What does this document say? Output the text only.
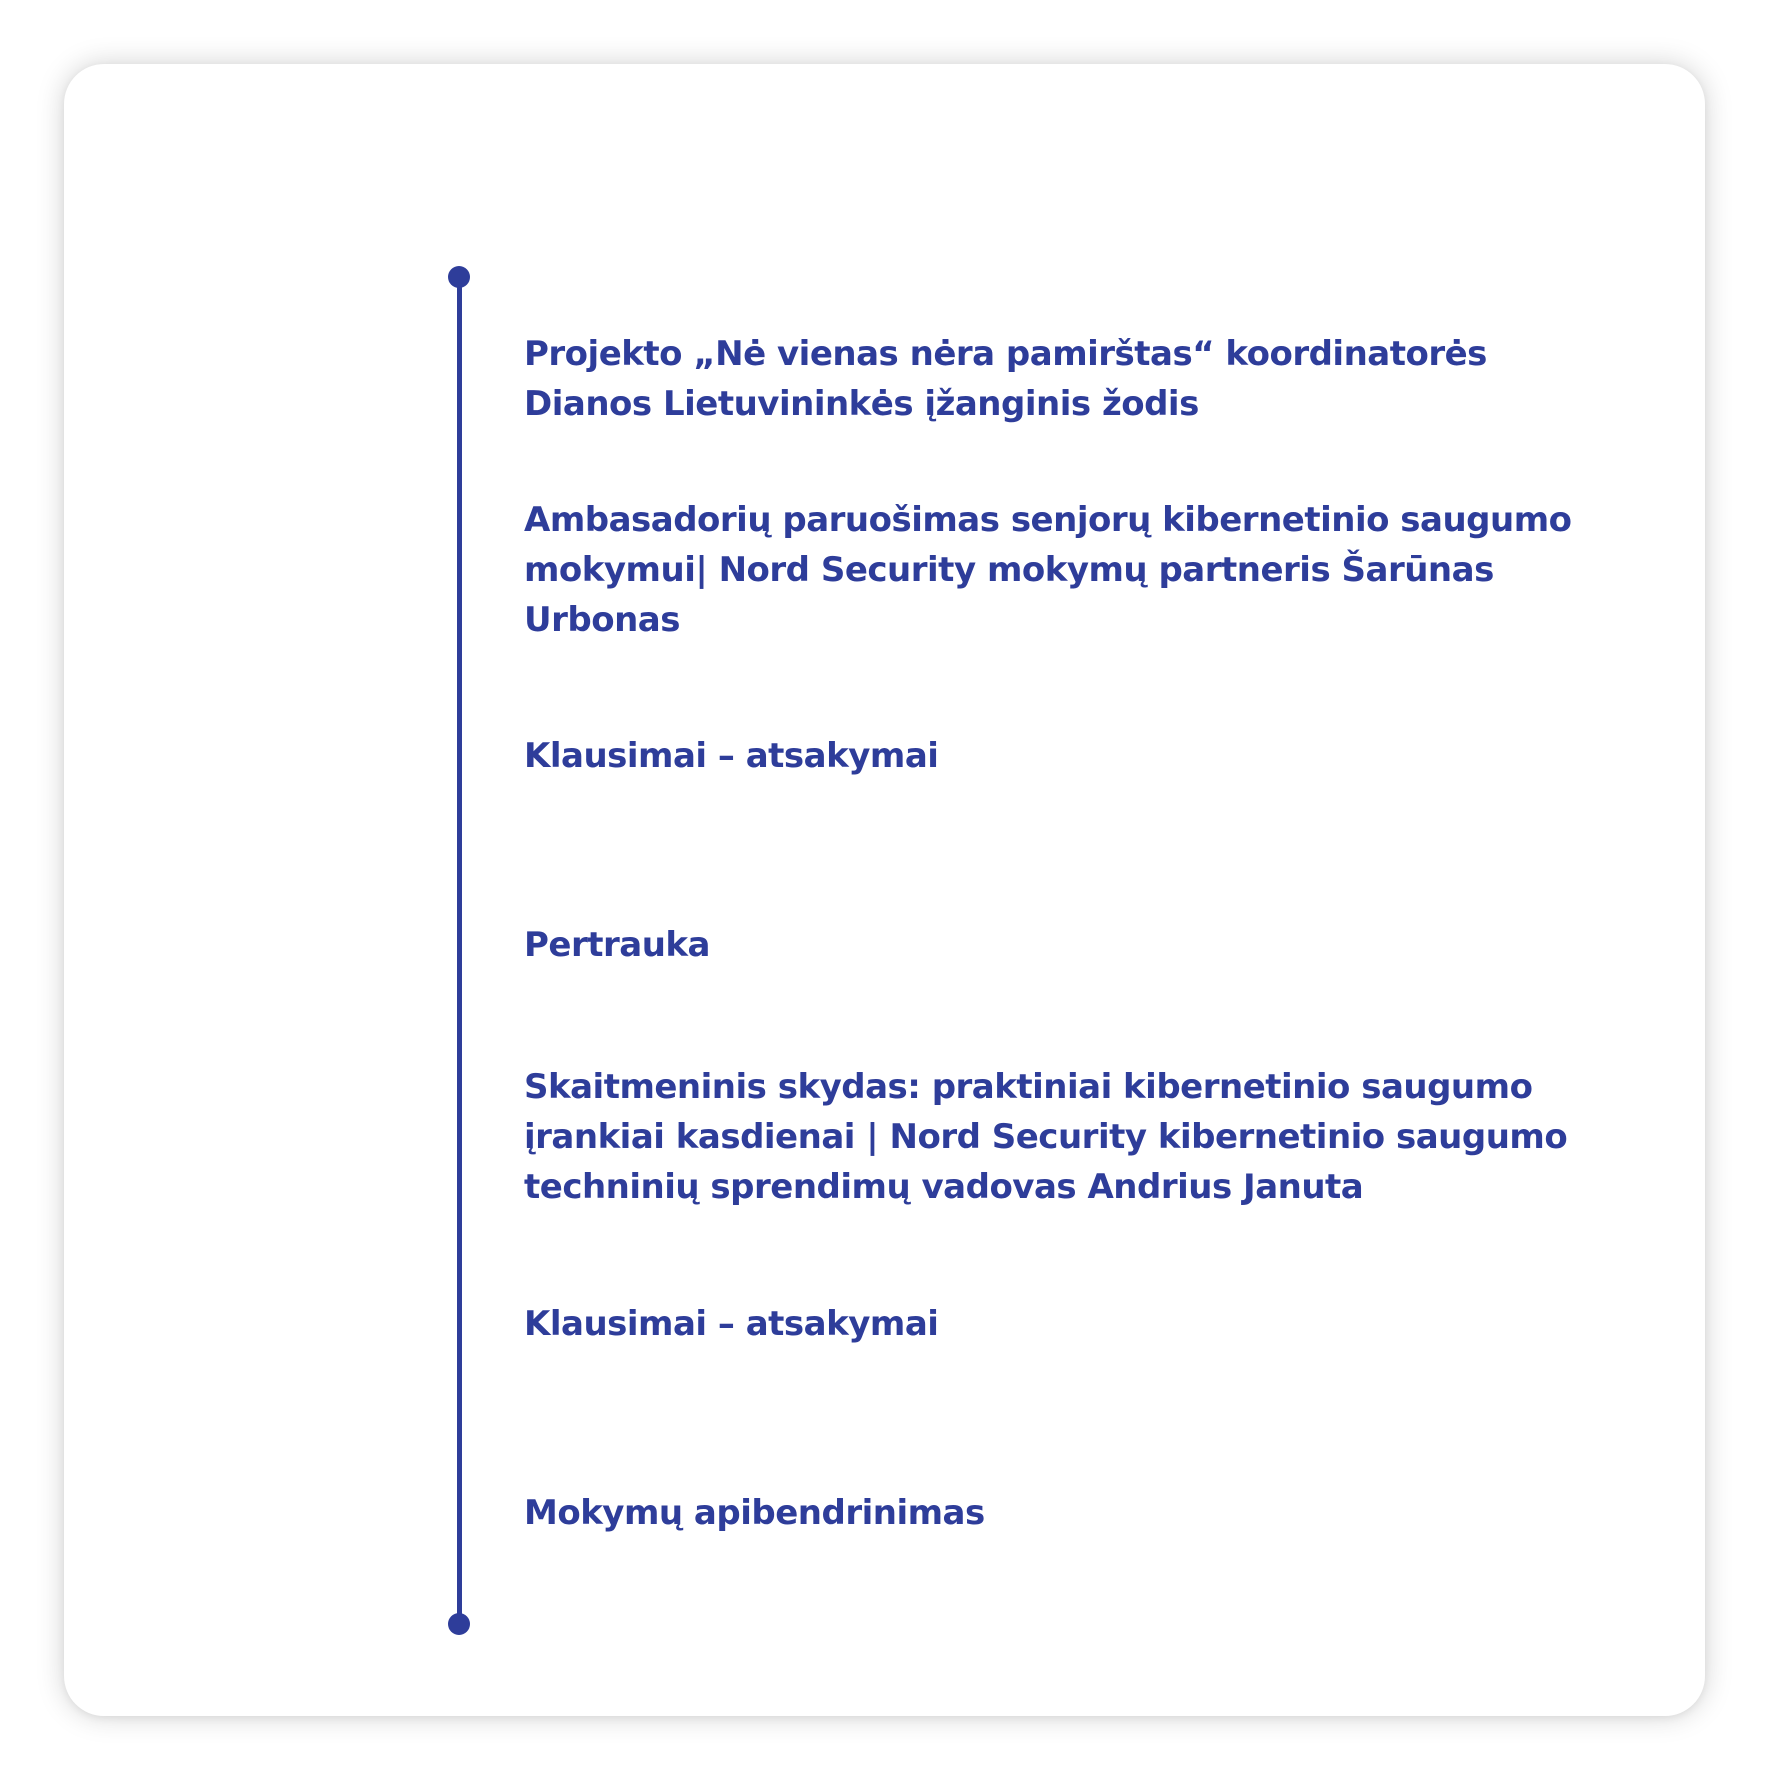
Projekto „Nė vienas nėra pamirštas“ koordinatorės Dianos Lietuvininkės įžanginis žodis
Ambasadorių paruošimas senjorų kibernetinio saugumo mokymui| Nord Security mokymų partneris Šarūnas Urbonas
Klausimai – atsakymai
Pertrauka
Skaitmeninis skydas: praktiniai kibernetinio saugumo įrankiai kasdienai | Nord Security kibernetinio saugumo techninių sprendimų vadovas Andrius Januta
Klausimai – atsakymai
Mokymų apibendrinimas
